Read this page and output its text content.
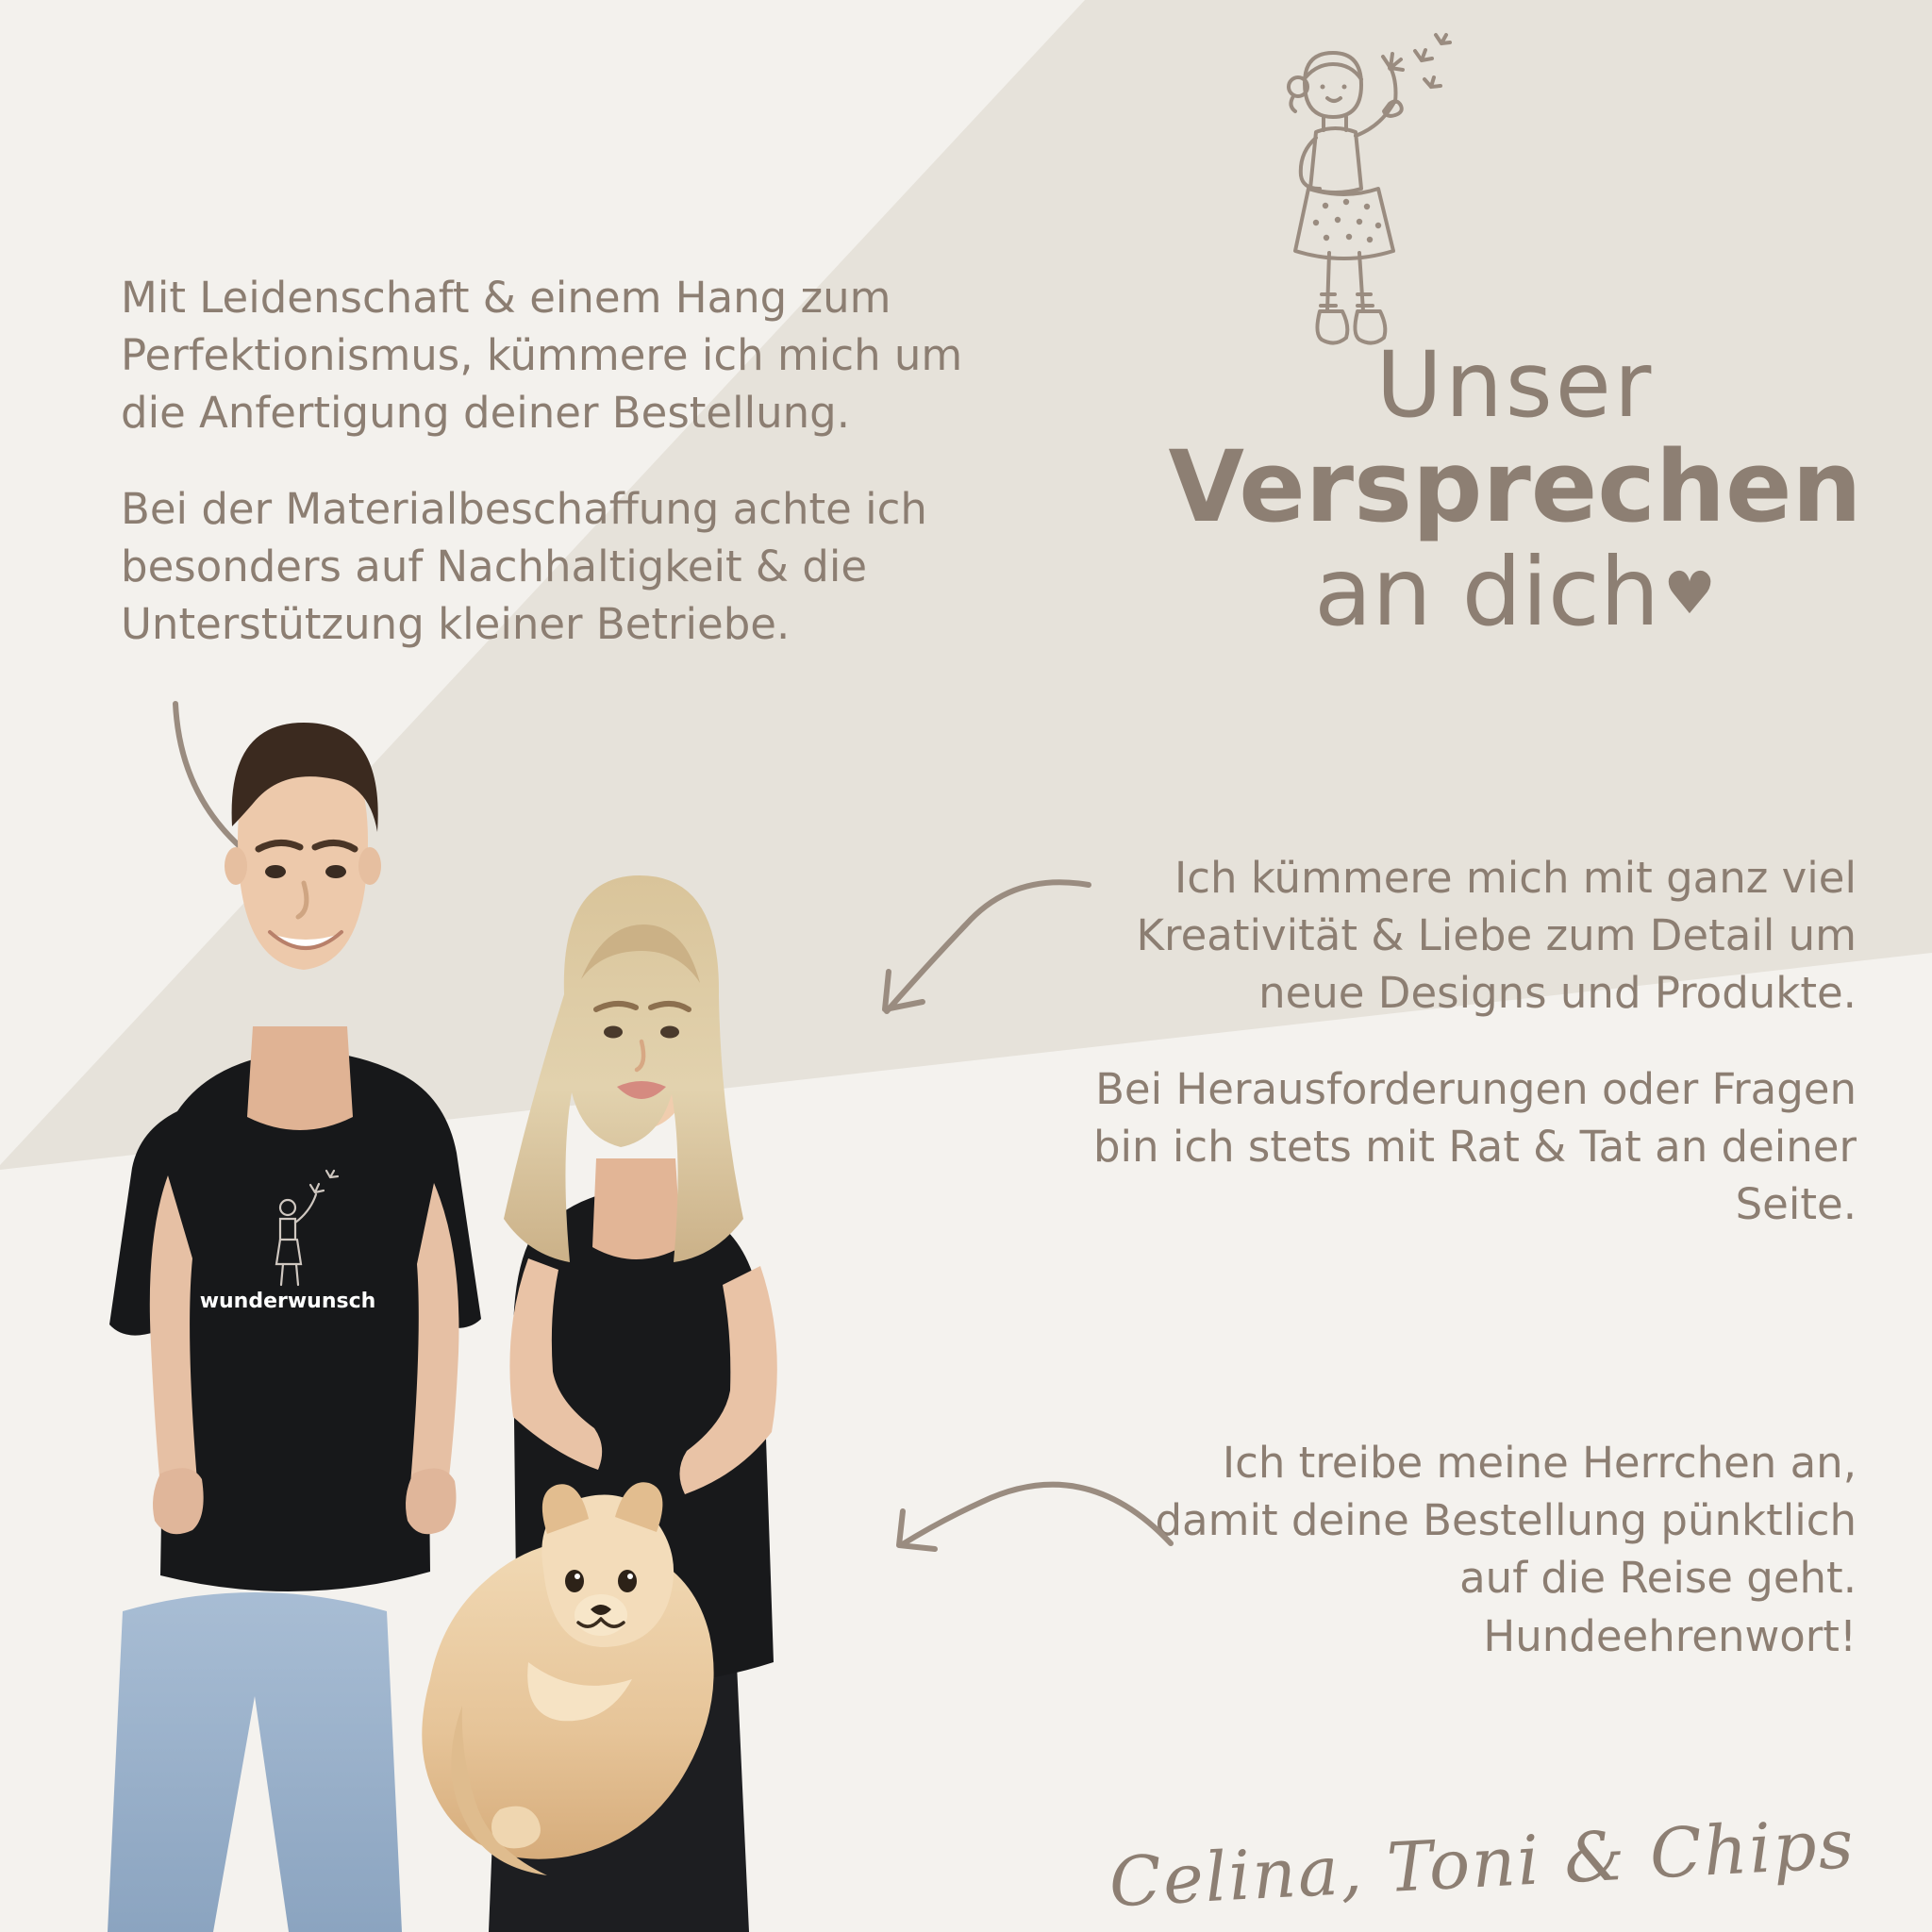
Unser
Versprechen
an dich♥

Mit Leidenschaft & einem Hang zum Perfektionismus, kümmere ich mich um die Anfertigung deiner Bestellung.

Bei der Materialbeschaffung achte ich besonders auf Nachhaltigkeit & die Unterstützung kleiner Betriebe.

Ich kümmere mich mit ganz viel Kreativität & Liebe zum Detail um neue Designs und Produkte.

Bei Herausforderungen oder Fragen bin ich stets mit Rat & Tat an deiner Seite.

Ich treibe meine Herrchen an, damit deine Bestellung pünktlich auf die Reise geht. Hundeehrenwort!

wunderwunsch
Celina, Toni & Chips
